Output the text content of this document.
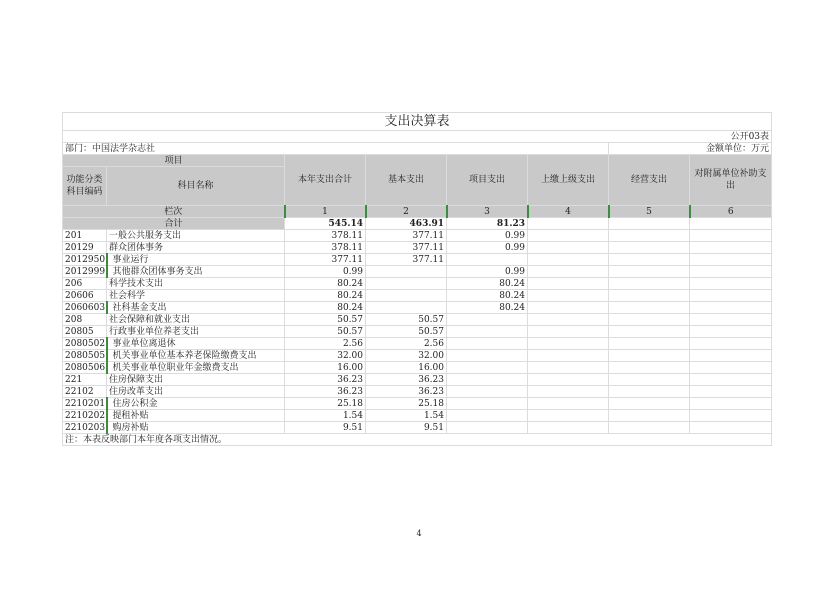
支出决算表							
公开03表							
部门：中国法学杂志社						金额单位：万元	
项目		本年支出合计	基本支出	项目支出	上缴上级支出	经营支出	对附属单位补助支出
功能分类科目编码	科目名称						
栏次		1	2	3	4	5	6
合计		545.14	463.91	81.23			
201	一般公共服务支出	378.11	377.11	0.99			
20129	群众团体事务	378.11	377.11	0.99			
2012950	事业运行	377.11	377.11				
2012999	其他群众团体事务支出	0.99		0.99			
206	科学技术支出	80.24		80.24			
20606	社会科学	80.24		80.24			
2060603	社科基金支出	80.24		80.24			
208	社会保障和就业支出	50.57	50.57				
20805	行政事业单位养老支出	50.57	50.57				
2080502	事业单位离退休	2.56	2.56				
2080505	机关事业单位基本养老保险缴费支出	32.00	32.00				
2080506	机关事业单位职业年金缴费支出	16.00	16.00				
221	住房保障支出	36.23	36.23				
22102	住房改革支出	36.23	36.23				
2210201	住房公积金	25.18	25.18				
2210202	提租补贴	1.54	1.54				
2210203	购房补贴	9.51	9.51				
注：本表反映部门本年度各项支出情况。							
4
